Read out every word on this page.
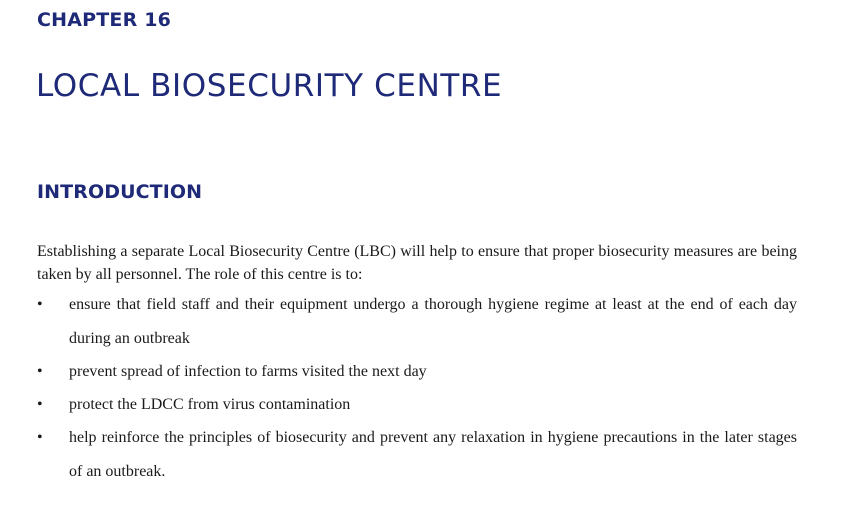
CHAPTER 16
LOCAL BIOSECURITY CENTRE
INTRODUCTION

Establishing a separate Local Biosecurity Centre (LBC) will help to ensure that proper biosecurity measures are being taken by all personnel. The role of this centre is to:

•	ensure that field staff and their equipment undergo a thorough hygiene regime at least at the end of each day during an outbreak
•	prevent spread of infection to farms visited the next day
•	protect the LDCC from virus contamination
•	help reinforce the principles of biosecurity and prevent any relaxation in hygiene precautions in the later stages of an outbreak.
